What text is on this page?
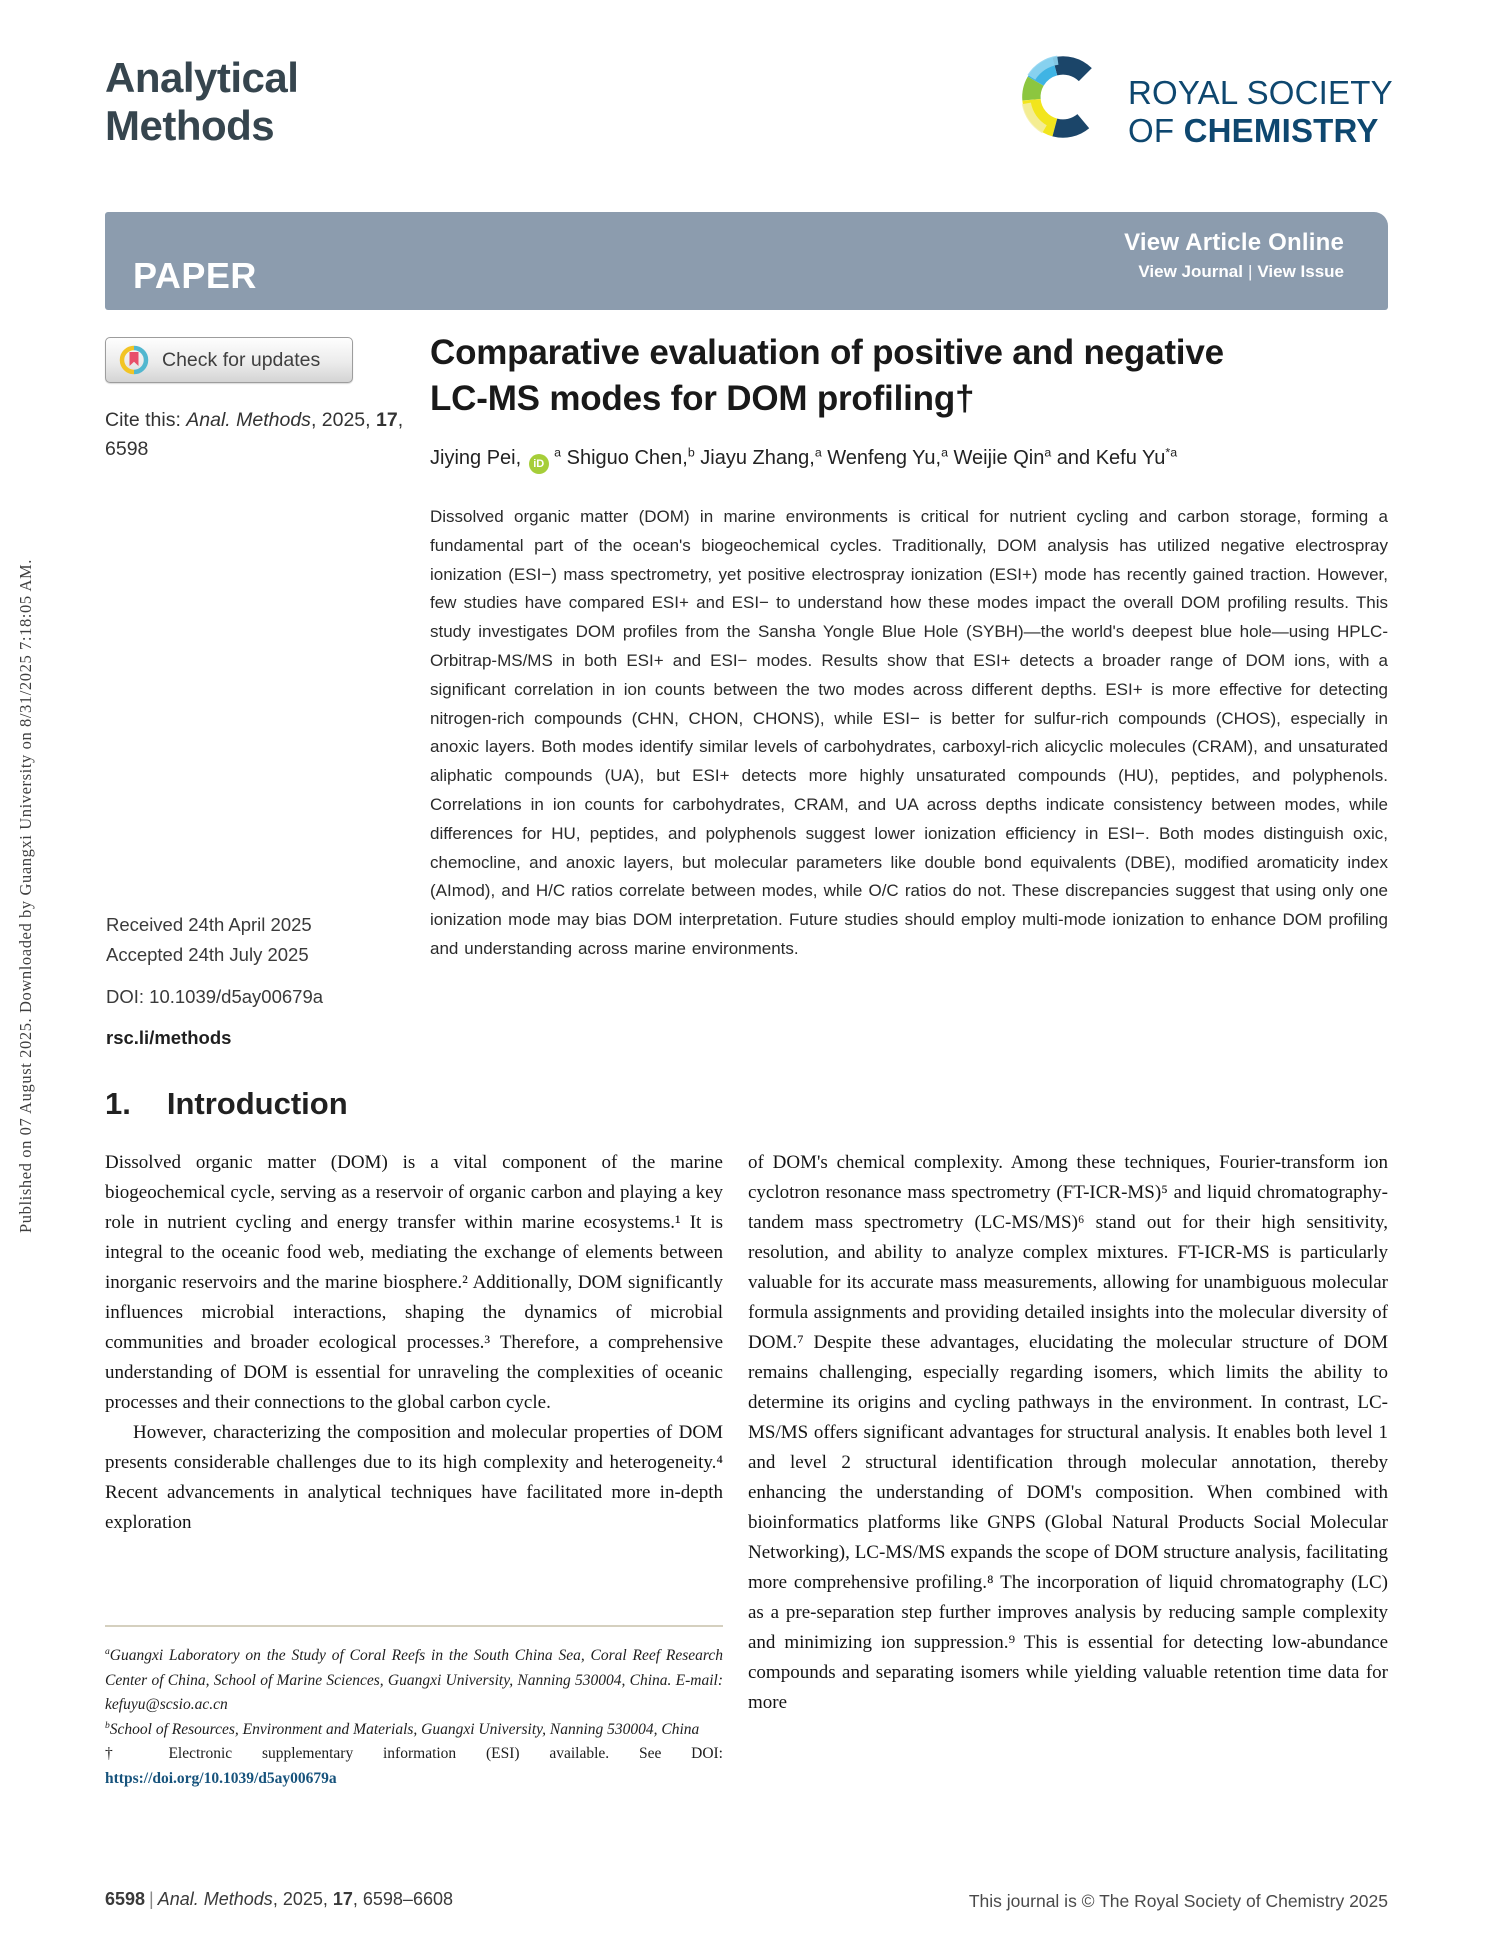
Published on 07 August 2025. Downloaded by Guangxi University on 8/31/2025 7:18:05 AM.
Analytical
Methods
ROYAL SOCIETY
OF CHEMISTRY
PAPER
View Article Online
View Journal | View Issue
Check for updates
Cite this: Anal. Methods, 2025, 17, 6598
Comparative evaluation of positive and negative
LC-MS modes for DOM profiling†
Jiying Pei, iD $^a$ Shiguo Chen,$^b$ Jiayu Zhang,$^a$ Wenfeng Yu,$^a$ Weijie Qin$^a$ and Kefu Yu$^{*a}$

Dissolved organic matter (DOM) in marine environments is critical for nutrient cycling and carbon storage, forming a fundamental part of the ocean's biogeochemical cycles. Traditionally, DOM analysis has utilized negative electrospray ionization (ESI−) mass spectrometry, yet positive electrospray ionization (ESI+) mode has recently gained traction. However, few studies have compared ESI+ and ESI− to understand how these modes impact the overall DOM profiling results. This study investigates DOM profiles from the Sansha Yongle Blue Hole (SYBH)—the world's deepest blue hole—using HPLC-Orbitrap-MS/MS in both ESI+ and ESI− modes. Results show that ESI+ detects a broader range of DOM ions, with a significant correlation in ion counts between the two modes across different depths. ESI+ is more effective for detecting nitrogen-rich compounds (CHN, CHON, CHONS), while ESI− is better for sulfur-rich compounds (CHOS), especially in anoxic layers. Both modes identify similar levels of carbohydrates, carboxyl-rich alicyclic molecules (CRAM), and unsaturated aliphatic compounds (UA), but ESI+ detects more highly unsaturated compounds (HU), peptides, and polyphenols. Correlations in ion counts for carbohydrates, CRAM, and UA across depths indicate consistency between modes, while differences for HU, peptides, and polyphenols suggest lower ionization efficiency in ESI−. Both modes distinguish oxic, chemocline, and anoxic layers, but molecular parameters like double bond equivalents (DBE), modified aromaticity index (AImod), and H/C ratios correlate between modes, while O/C ratios do not. These discrepancies suggest that using only one ionization mode may bias DOM interpretation. Future studies should employ multi-mode ionization to enhance DOM profiling and understanding across marine environments.

Received 24th April 2025
Accepted 24th July 2025
DOI: 10.1039/d5ay00679a
rsc.li/methods
1. Introduction

Dissolved organic matter (DOM) is a vital component of the marine biogeochemical cycle, serving as a reservoir of organic carbon and playing a key role in nutrient cycling and energy transfer within marine ecosystems.¹ It is integral to the oceanic food web, mediating the exchange of elements between inorganic reservoirs and the marine biosphere.² Additionally, DOM significantly influences microbial interactions, shaping the dynamics of microbial communities and broader ecological processes.³ Therefore, a comprehensive understanding of DOM is essential for unraveling the complexities of oceanic processes and their connections to the global carbon cycle.

However, characterizing the composition and molecular properties of DOM presents considerable challenges due to its high complexity and heterogeneity.⁴ Recent advancements in analytical techniques have facilitated more in-depth exploration

of DOM's chemical complexity. Among these techniques, Fourier-transform ion cyclotron resonance mass spectrometry (FT-ICR-MS)⁵ and liquid chromatography-tandem mass spectrometry (LC-MS/MS)⁶ stand out for their high sensitivity, resolution, and ability to analyze complex mixtures. FT-ICR-MS is particularly valuable for its accurate mass measurements, allowing for unambiguous molecular formula assignments and providing detailed insights into the molecular diversity of DOM.⁷ Despite these advantages, elucidating the molecular structure of DOM remains challenging, especially regarding isomers, which limits the ability to determine its origins and cycling pathways in the environment. In contrast, LC-MS/MS offers significant advantages for structural analysis. It enables both level 1 and level 2 structural identification through molecular annotation, thereby enhancing the understanding of DOM's composition. When combined with bioinformatics platforms like GNPS (Global Natural Products Social Molecular Networking), LC-MS/MS expands the scope of DOM structure analysis, facilitating more comprehensive profiling.⁸ The incorporation of liquid chromatography (LC) as a pre-separation step further improves analysis by reducing sample complexity and minimizing ion suppression.⁹ This is essential for detecting low-abundance compounds and separating isomers while yielding valuable retention time data for more

$^a$Guangxi Laboratory on the Study of Coral Reefs in the South China Sea, Coral Reef Research Center of China, School of Marine Sciences, Guangxi University, Nanning 530004, China. E-mail: kefuyu@scsio.ac.cn

$^b$School of Resources, Environment and Materials, Guangxi University, Nanning 530004, China

† Electronic supplementary information (ESI) available. See DOI: https://doi.org/10.1039/d5ay00679a

6598 | Anal. Methods, 2025, 17, 6598–6608	This journal is © The Royal Society of Chemistry 2025
